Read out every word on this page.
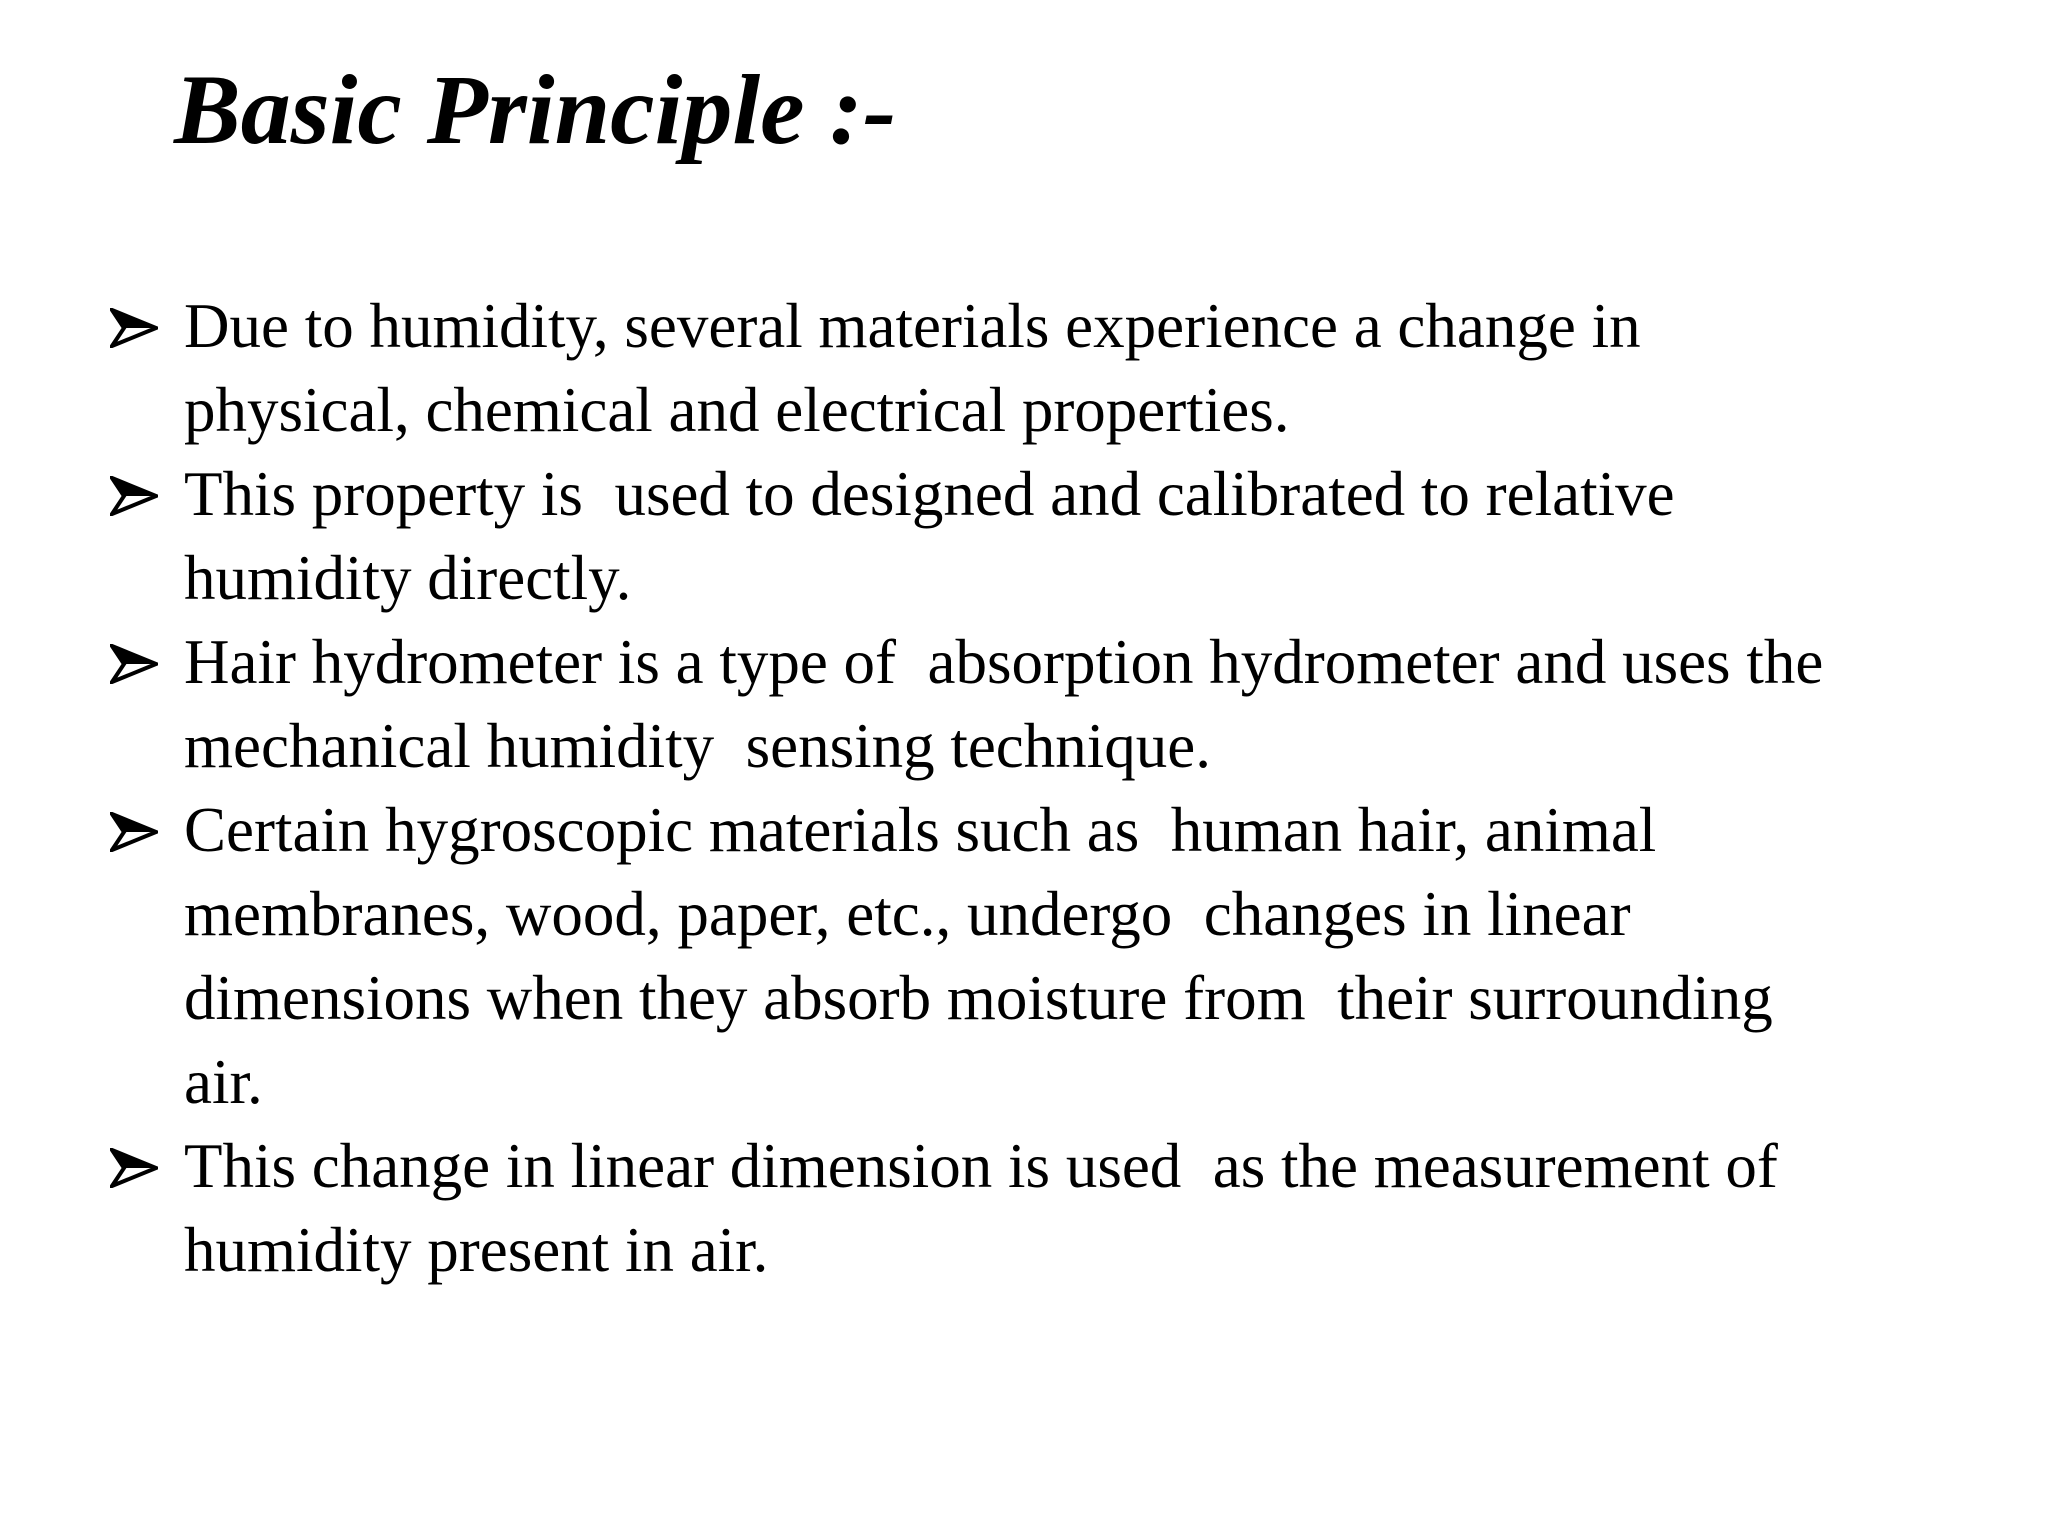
Basic Principle :-
Due to humidity, several materials experience a change in
physical, chemical and electrical properties.
This property is  used to designed and calibrated to relative
humidity directly.
Hair hydrometer is a type of  absorption hydrometer and uses the
mechanical humidity  sensing technique.
Certain hygroscopic materials such as  human hair, animal
membranes, wood, paper, etc., undergo  changes in linear
dimensions when they absorb moisture from  their surrounding
air.
This change in linear dimension is used  as the measurement of
humidity present in air.
